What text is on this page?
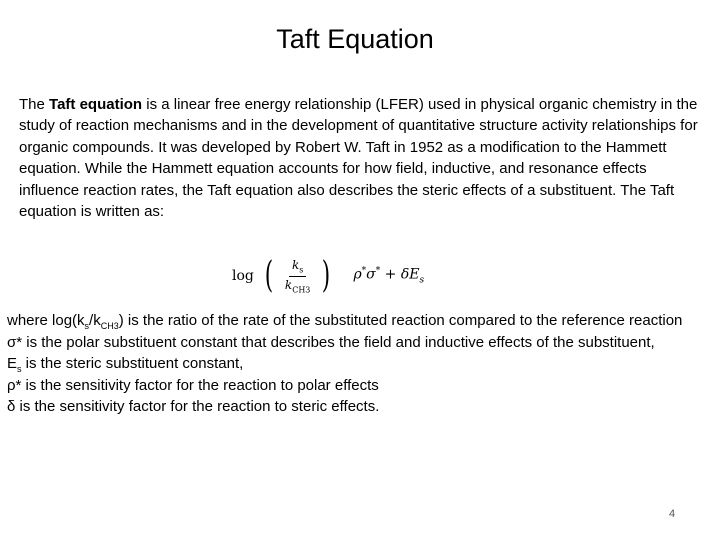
Taft Equation
The Taft equation is a linear free energy relationship (LFER) used in physical organic chemistry in the study of reaction mechanisms and in the development of quantitative structure activity relationships for organic compounds. It was developed by Robert W. Taft in 1952 as a modification to the Hammett equation. While the Hammett equation accounts for how field, inductive, and resonance effects influence reaction rates, the Taft equation also describes the steric effects of a substituent. The Taft equation is written as:
log ( $\frac{k_s}{k_{CH3}}$ ) $\rho^*\sigma^* + \delta E_s$

where $\log(k_s/k_{CH3})$ is the ratio of the rate of the substituted reaction compared to the reference reaction

σ* is the polar substituent constant that describes the field and inductive effects of the substituent,

$E_s$ is the steric substituent constant,

ρ* is the sensitivity factor for the reaction to polar effects

δ is the sensitivity factor for the reaction to steric effects.

4
